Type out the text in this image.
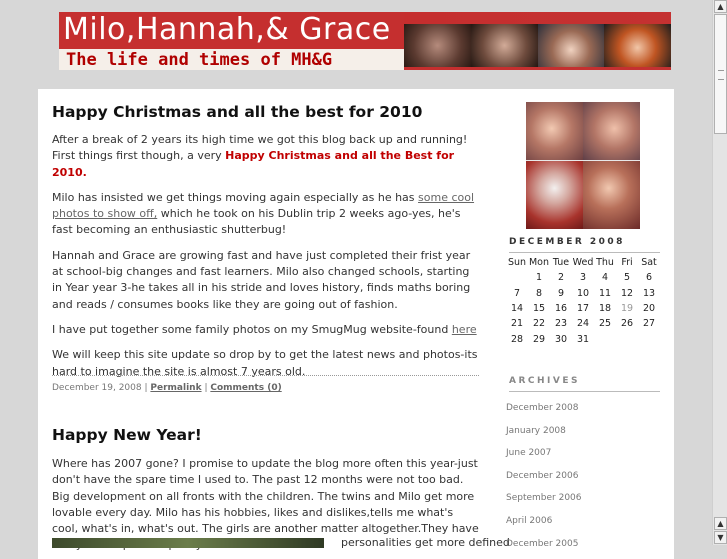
Milo,Hannah,& Grace
The life and times of MH&G
Happy Christmas and all the best for 2010

After a break of 2 years its high time we got this blog back up and running! First things first though, a very Happy Christmas and all the Best for 2010.

Milo has insisted we get things moving again especially as he has some cool photos to show off, which he took on his Dublin trip 2 weeks ago-yes, he's fast becoming an enthusiastic shutterbug!

Hannah and Grace are growing fast and have just completed their frist year at school-big changes and fast learners. Milo also changed schools, starting in Year year 3-he takes all in his stride and loves history, finds maths boring and reads / consumes books like they are going out of fashion.

I have put together some family photos on my SmugMug website-found here

We will keep this site update so drop by to get the latest news and photos-its hard to imagine the site is almost 7 years old.

December 19, 2008 | Permalink | Comments (0)
Happy New Year!
Where has 2007 gone? I promise to update the blog more often this year-just don't have the spare time I used to. The past 12 months were not too bad. Big development on all fronts with the children. The twins and Milo get more lovable every day. Milo has his hobbies, likes and dislikes,tells me what's cool, what's in, what's out. The girls are another matter altogether.They have
personalities get more defined
DECEMBER 2008
Sun	Mon	Tue	Wed	Thu	Fri	Sat
	1	2	3	4	5	6
7	8	9	10	11	12	13
14	15	16	17	18	19	20
21	22	23	24	25	26	27
28	29	30	31			
ARCHIVES
December 2008
January 2008
June 2007
December 2006
September 2006
April 2006
December 2005
▲
▲
▼
